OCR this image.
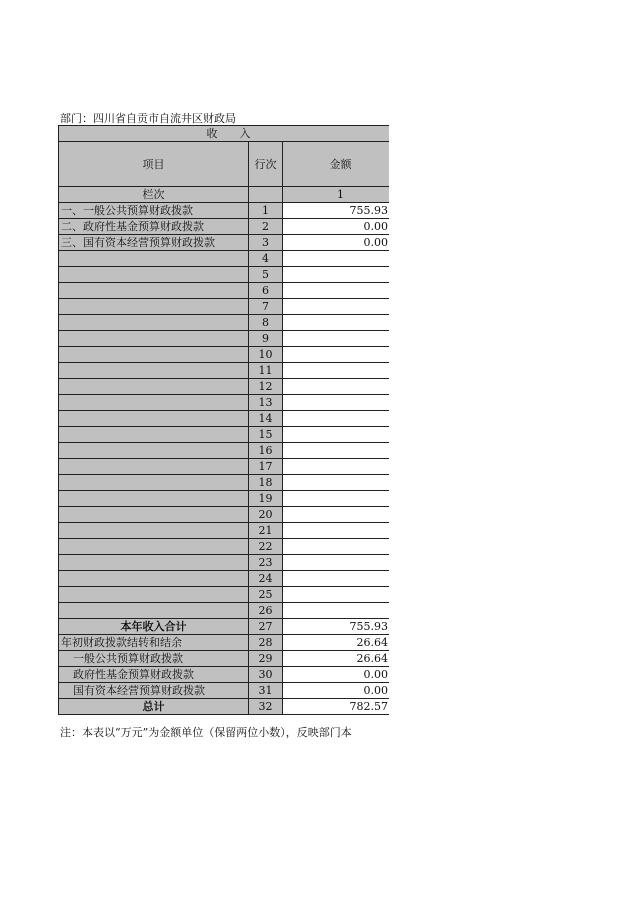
部门：四川省自贡市自流井区财政局
收　　入		
项目	行次	金额
栏次		1
一、一般公共预算财政拨款	1	755.93
二、政府性基金预算财政拨款	2	0.00
三、国有资本经营预算财政拨款	3	0.00
	4	
	5	
	6	
	7	
	8	
	9	
	10	
	11	
	12	
	13	
	14	
	15	
	16	
	17	
	18	
	19	
	20	
	21	
	22	
	23	
	24	
	25	
	26	
本年收入合计	27	755.93
年初财政拨款结转和结余	28	26.64
一般公共预算财政拨款	29	26.64
政府性基金预算财政拨款	30	0.00
国有资本经营预算财政拨款	31	0.00
总计	32	782.57
注：本表以“万元”为金额单位（保留两位小数），反映部门本
